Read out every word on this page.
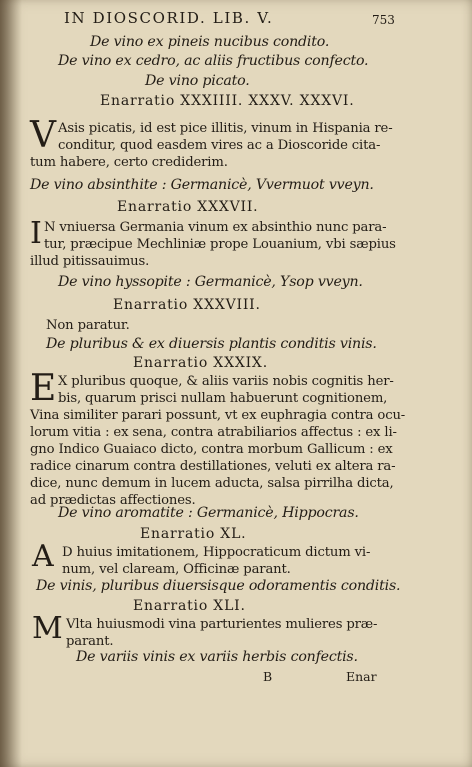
IN DIOSCORID. LIB. V.	753
De vino ex pineis nucibus condito.
De vino ex cedro, ac aliis fructibus confecto.
De vino picato.
Enarratio XXXIIII. XXXV. XXXVI.
V Asis picatis, id est pice illitis, vinum in Hispania re-
conditur, quod easdem vires ac a Dioscoride cita-
tum habere, certo crediderim.
De vino absinthite : Germanicè, Vvermuot vveyn.
Enarratio XXXVII.
I N vniuersa Germania vinum ex absinthio nunc para-
tur, præcipue Mechliniæ prope Louanium, vbi sæpius
illud pitissauimus.
De vino hyssopite : Germanicè, Ysop vveyn.
Enarratio XXXVIII.
Non paratur.
De pluribus & ex diuersis plantis conditis vinis.
Enarratio XXXIX.
E X pluribus quoque, & aliis variis nobis cognitis her-
bis, quarum prisci nullam habuerunt cognitionem,
Vina similiter parari possunt, vt ex euphragia contra ocu-
lorum vitia : ex sena, contra atrabiliarios affectus : ex li-
gno Indico Guaiaco dicto, contra morbum Gallicum : ex
radice cinarum contra destillationes, veluti ex altera ra-
dice, nunc demum in lucem aducta, salsa pirrilha dicta,
ad prædictas affectiones.
De vino aromatite : Germanicè, Hippocras.
Enarratio XL.
A D huius imitationem, Hippocraticum dictum vi-
num, vel claream, Officinæ parant.
De vinis, pluribus diuersisque odoramentis conditis.
Enarratio XLI.
M Vlta huiusmodi vina parturientes mulieres præ-
parant.
De variis vinis ex variis herbis confectis.
B	Enar
